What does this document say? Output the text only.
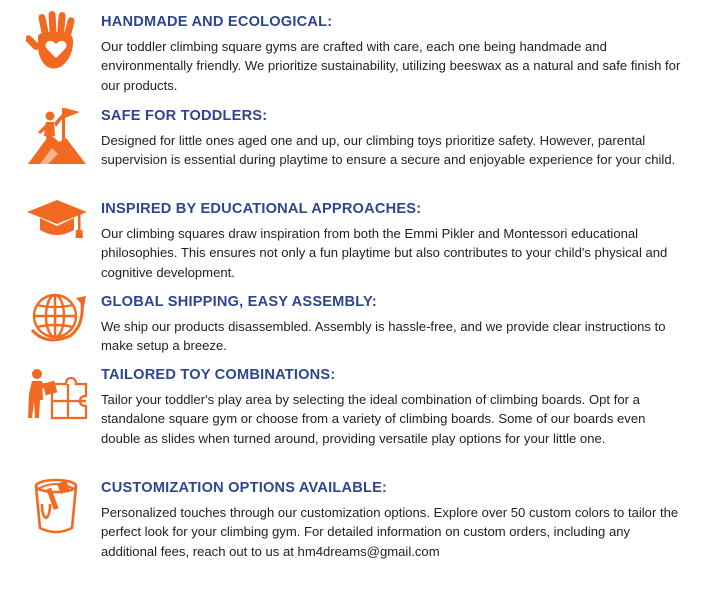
HANDMADE AND ECOLOGICAL:
Our toddler climbing square gyms are crafted with care, each one being handmade and environmentally friendly. We prioritize sustainability, utilizing beeswax as a natural and safe finish for our products.
SAFE FOR TODDLERS:
Designed for little ones aged one and up, our climbing toys prioritize safety. However, parental supervision is essential during playtime to ensure a secure and enjoyable experience for your child.
INSPIRED BY EDUCATIONAL APPROACHES:
Our climbing squares draw inspiration from both the Emmi Pikler and Montessori educational philosophies. This ensures not only a fun playtime but also contributes to your child's physical and cognitive development.
GLOBAL SHIPPING, EASY ASSEMBLY:
We ship our products disassembled. Assembly is hassle-free, and we provide clear instructions to make setup a breeze.
TAILORED TOY COMBINATIONS:
Tailor your toddler's play area by selecting the ideal combination of climbing boards. Opt for a standalone square gym or choose from a variety of climbing boards. Some of our boards even double as slides when turned around, providing versatile play options for your little one.
CUSTOMIZATION OPTIONS AVAILABLE:
Personalized touches through our customization options. Explore over 50 custom colors to tailor the perfect look for your climbing gym. For detailed information on custom orders, including any additional fees, reach out to us at hm4dreams@gmail.com
